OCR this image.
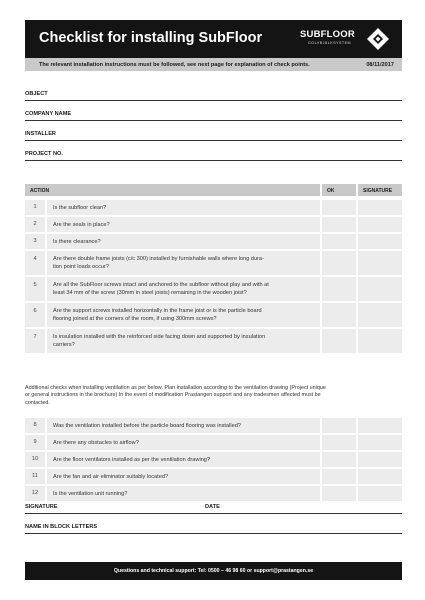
Checklist for installing SubFloor	SUBFLOOR
GOLVBJÄLKSYSTEM
The relevant installation instructions must be followed, see next page for explanation of check points.	08/11/2017
OBJECT
COMPANY NAME
INSTALLER
PROJECT NO.
ACTION	OK	SIGNATURE
1	Is the subfloor clean?
2	Are the seals in place?
3	Is there clearance?
4	Are there double frame joists (c/c 300) installed by furnishable walls where long dura-
tion point loads occur?
5	Are all the SubFloor screws intact and anchored to the subfloor without play and with at
least 34 mm of the screw (30mm in steel joists) remaining in the wooden joist?
6	Are the support screws installed horizontally in the frame joist or is the particle board
flooring joined at the corners of the room, if using 300mm screws?
7	Is insulation installed with the reinforced side facing down and supported by insulation
carriers?
Additional checks when installing ventilation as per below. Plan installation according to the ventilation drawing (Project unique
or general instructions in the brochure) In the event of modification Prastangen support and any tradesmen affected must be
contacted.
8	Was the ventilation installed before the particle board flooring was installed?
9	Are there any obstacles to airflow?
10	Are the floor ventilators installed as per the ventilation drawing?
11	Are the fan and air eliminator suitably located?
12	Is the ventilation unit running?
SIGNATURE	DATE
NAME IN BLOCK LETTERS
Questions and technical support: Tel: 0500 – 46 98 60 or support@prastangen.se
